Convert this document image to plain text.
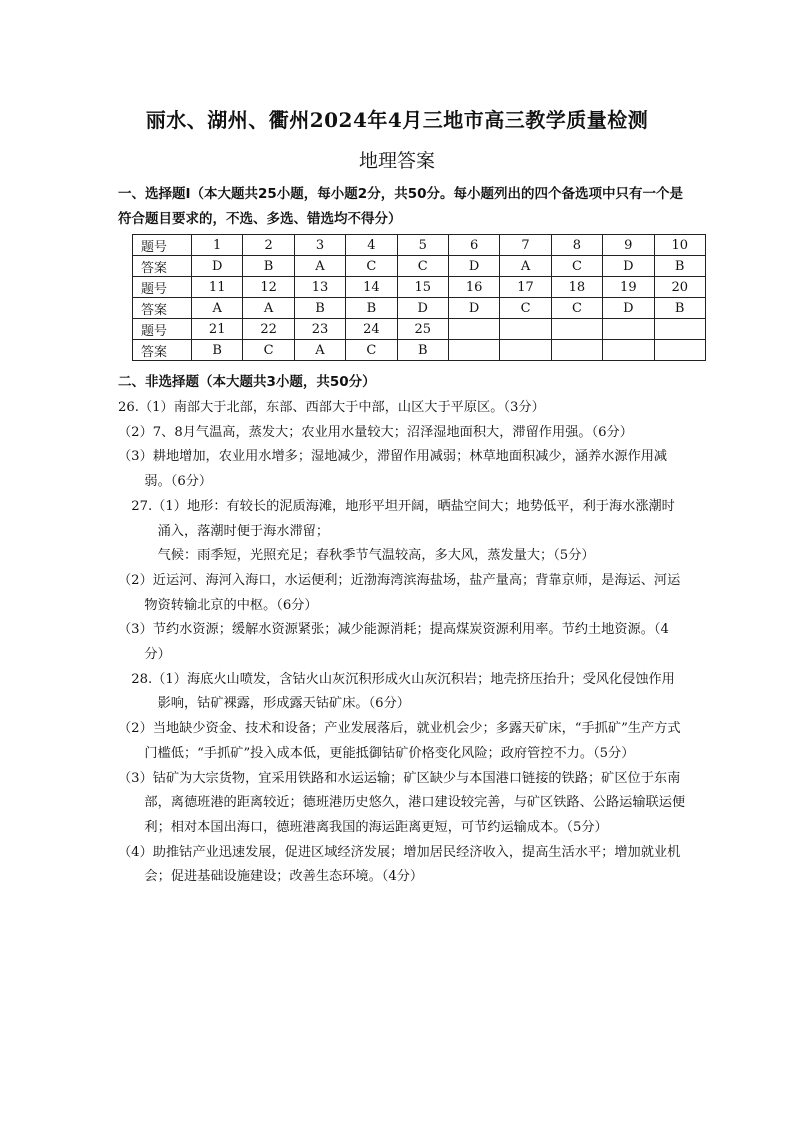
丽水、湖州、衢州2024年4月三地市高三教学质量检测
地理答案
一、选择题Ⅰ（本大题共25小题，每小题2分，共50分。每小题列出的四个备选项中只有一个是符合题目要求的，不选、多选、错选均不得分）
题号	1	2	3	4	5	6	7	8	9	10
答案	D	B	A	C	C	D	A	C	D	B
题号	11	12	13	14	15	16	17	18	19	20
答案	A	A	B	B	D	D	C	C	D	B
题号	21	22	23	24	25					
答案	B	C	A	C	B					
二、非选择题（本大题共3小题，共50分）
26.（1）南部大于北部，东部、西部大于中部，山区大于平原区。（3分）
（2）7、8月气温高，蒸发大；农业用水量较大；沼泽湿地面积大，滞留作用强。（6分）
（3）耕地增加，农业用水增多；湿地减少，滞留作用减弱；林草地面积减少，涵养水源作用减弱。（6分）
27.（1）地形：有较长的泥质海滩，地形平坦开阔，晒盐空间大；地势低平，利于海水涨潮时涌入，落潮时便于海水滞留；
气候：雨季短，光照充足；春秋季节气温较高，多大风，蒸发量大；（5分）
（2）近运河、海河入海口，水运便利；近渤海湾滨海盐场，盐产量高；背靠京师，是海运、河运物资转输北京的中枢。（6分）
（3）节约水资源；缓解水资源紧张；减少能源消耗；提高煤炭资源利用率。节约土地资源。（4分）
28.（1）海底火山喷发，含钴火山灰沉积形成火山灰沉积岩；地壳挤压抬升；受风化侵蚀作用影响，钴矿裸露，形成露天钴矿床。（6分）
（2）当地缺少资金、技术和设备；产业发展落后，就业机会少；多露天矿床，“手抓矿”生产方式门槛低；“手抓矿”投入成本低，更能抵御钴矿价格变化风险；政府管控不力。（5分）
（3）钴矿为大宗货物，宜采用铁路和水运运输；矿区缺少与本国港口链接的铁路；矿区位于东南部，离德班港的距离较近；德班港历史悠久，港口建设较完善，与矿区铁路、公路运输联运便利；相对本国出海口，德班港离我国的海运距离更短，可节约运输成本。（5分）
（4）助推钴产业迅速发展，促进区域经济发展；增加居民经济收入，提高生活水平；增加就业机会；促进基础设施建设；改善生态环境。（4分）
